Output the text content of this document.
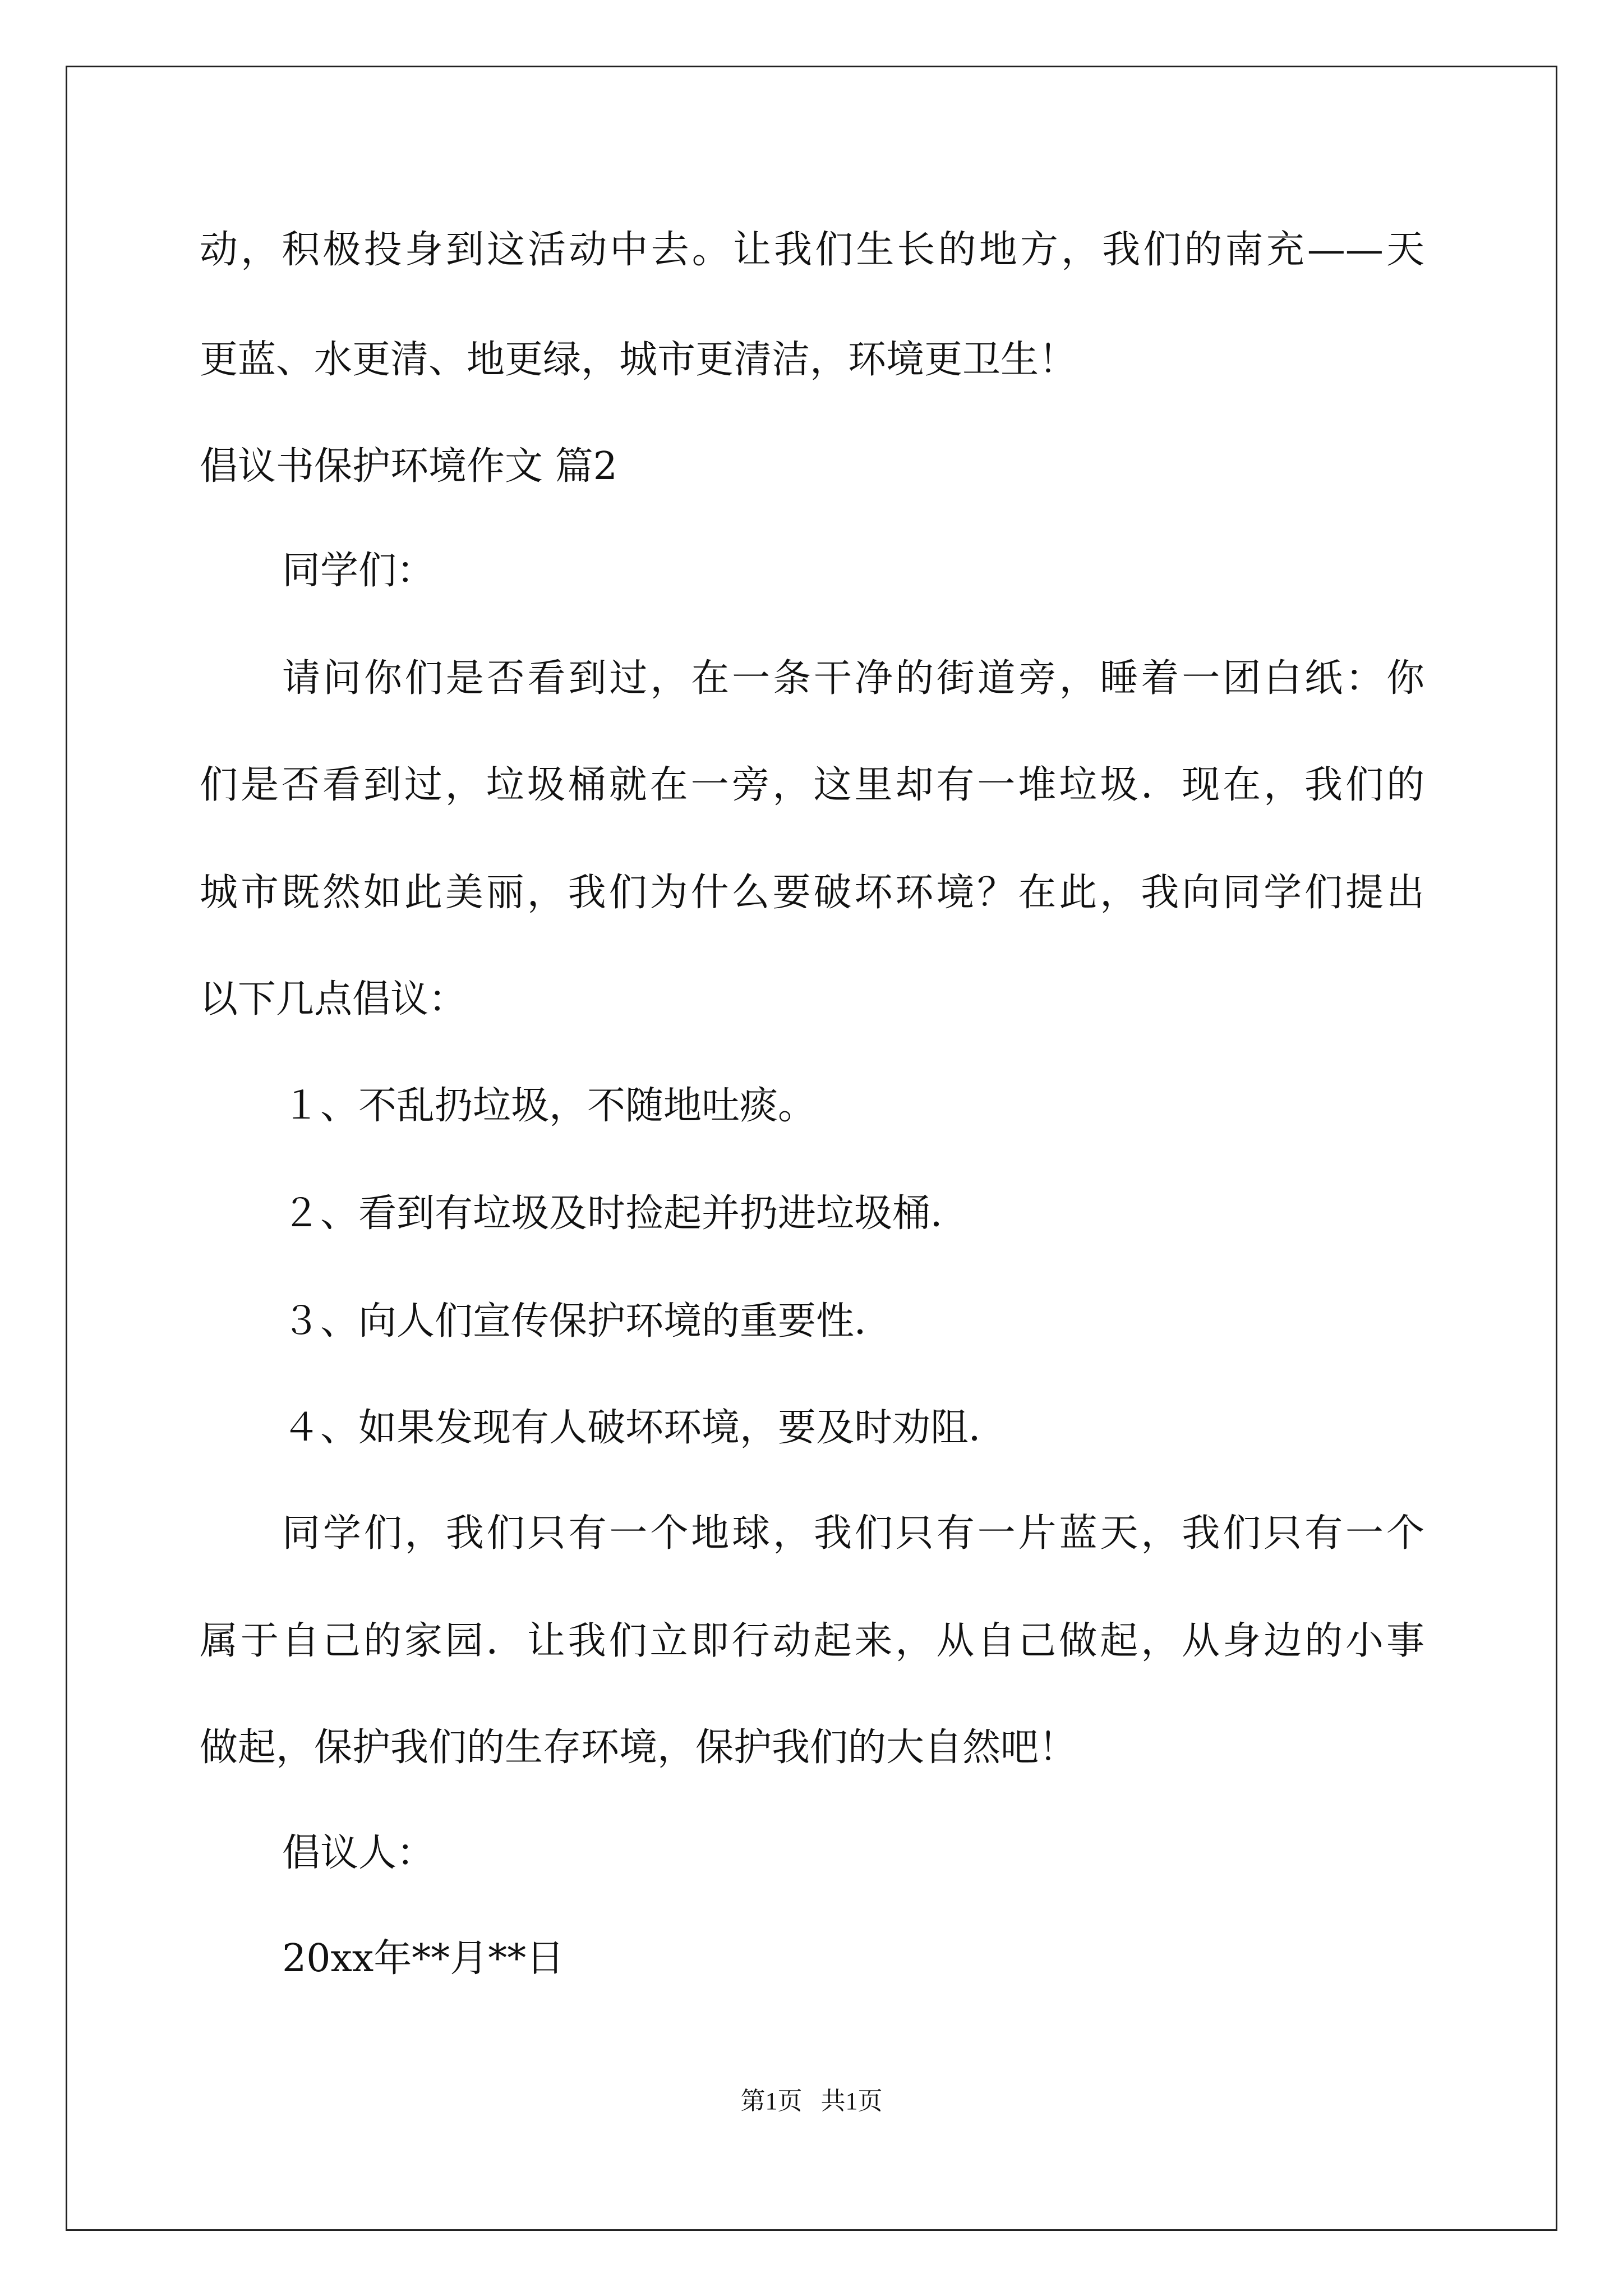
动，积极投身到这活动中去。让我们生长的地方，我们的南充——天
更蓝、水更清、地更绿，城市更清洁，环境更卫生！
倡议书保护环境作文 篇2
同学们：
请问你们是否看到过，在一条干净的街道旁，睡着一团白纸：你
们是否看到过，垃圾桶就在一旁，这里却有一堆垃圾．现在，我们的
城市既然如此美丽，我们为什么要破坏环境？在此，我向同学们提出
以下几点倡议：
１、不乱扔垃圾，不随地吐痰。
２、看到有垃圾及时捡起并扔进垃圾桶．
３、向人们宣传保护环境的重要性．
４、如果发现有人破坏环境，要及时劝阻．
同学们，我们只有一个地球，我们只有一片蓝天，我们只有一个
属于自己的家园．让我们立即行动起来，从自己做起，从身边的小事
做起，保护我们的生存环境，保护我们的大自然吧！
倡议人：
20xx年**月**日
第1页   共1页
